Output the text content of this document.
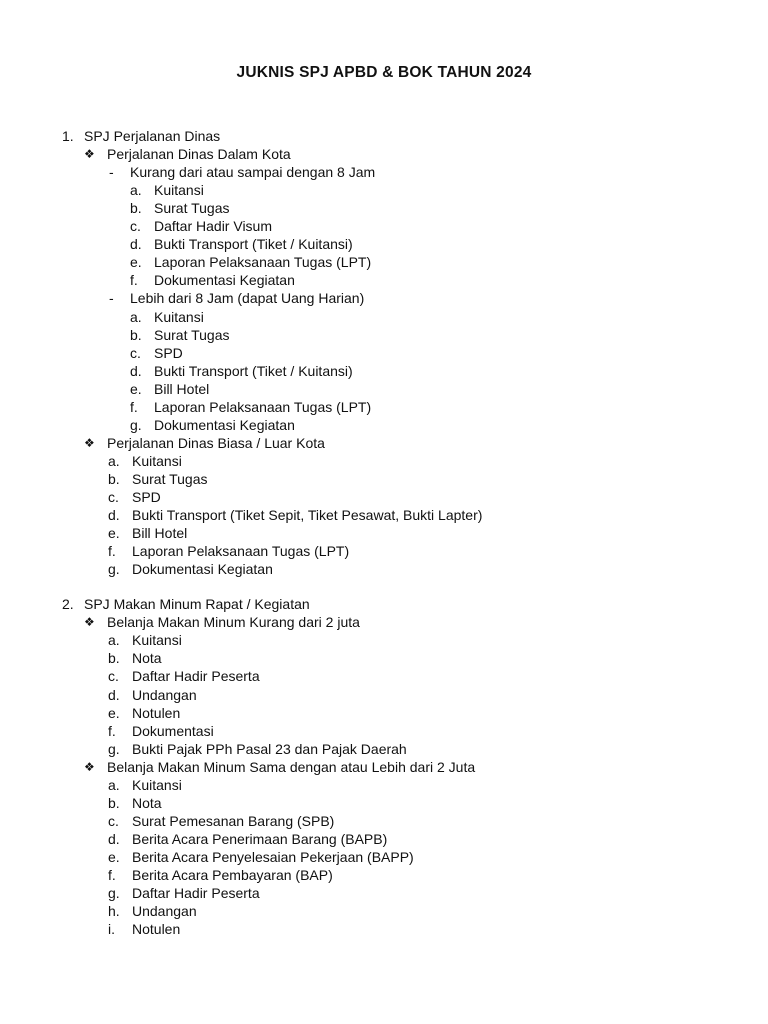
JUKNIS SPJ APBD & BOK TAHUN 2024
1. SPJ Perjalanan Dinas
❖ Perjalanan Dinas Dalam Kota
- Kurang dari atau sampai dengan 8 Jam
a. Kuitansi
b. Surat Tugas
c. Daftar Hadir Visum
d. Bukti Transport (Tiket / Kuitansi)
e. Laporan Pelaksanaan Tugas (LPT)
f. Dokumentasi Kegiatan
- Lebih dari 8 Jam (dapat Uang Harian)
a. Kuitansi
b. Surat Tugas
c. SPD
d. Bukti Transport (Tiket / Kuitansi)
e. Bill Hotel
f. Laporan Pelaksanaan Tugas (LPT)
g. Dokumentasi Kegiatan
❖ Perjalanan Dinas Biasa / Luar Kota
a. Kuitansi
b. Surat Tugas
c. SPD
d. Bukti Transport (Tiket Sepit, Tiket Pesawat, Bukti Lapter)
e. Bill Hotel
f. Laporan Pelaksanaan Tugas (LPT)
g. Dokumentasi Kegiatan
2. SPJ Makan Minum Rapat / Kegiatan
❖ Belanja Makan Minum Kurang dari 2 juta
a. Kuitansi
b. Nota
c. Daftar Hadir Peserta
d. Undangan
e. Notulen
f. Dokumentasi
g. Bukti Pajak PPh Pasal 23 dan Pajak Daerah
❖ Belanja Makan Minum Sama dengan atau Lebih dari 2 Juta
a. Kuitansi
b. Nota
c. Surat Pemesanan Barang (SPB)
d. Berita Acara Penerimaan Barang (BAPB)
e. Berita Acara Penyelesaian Pekerjaan (BAPP)
f. Berita Acara Pembayaran (BAP)
g. Daftar Hadir Peserta
h. Undangan
i. Notulen
